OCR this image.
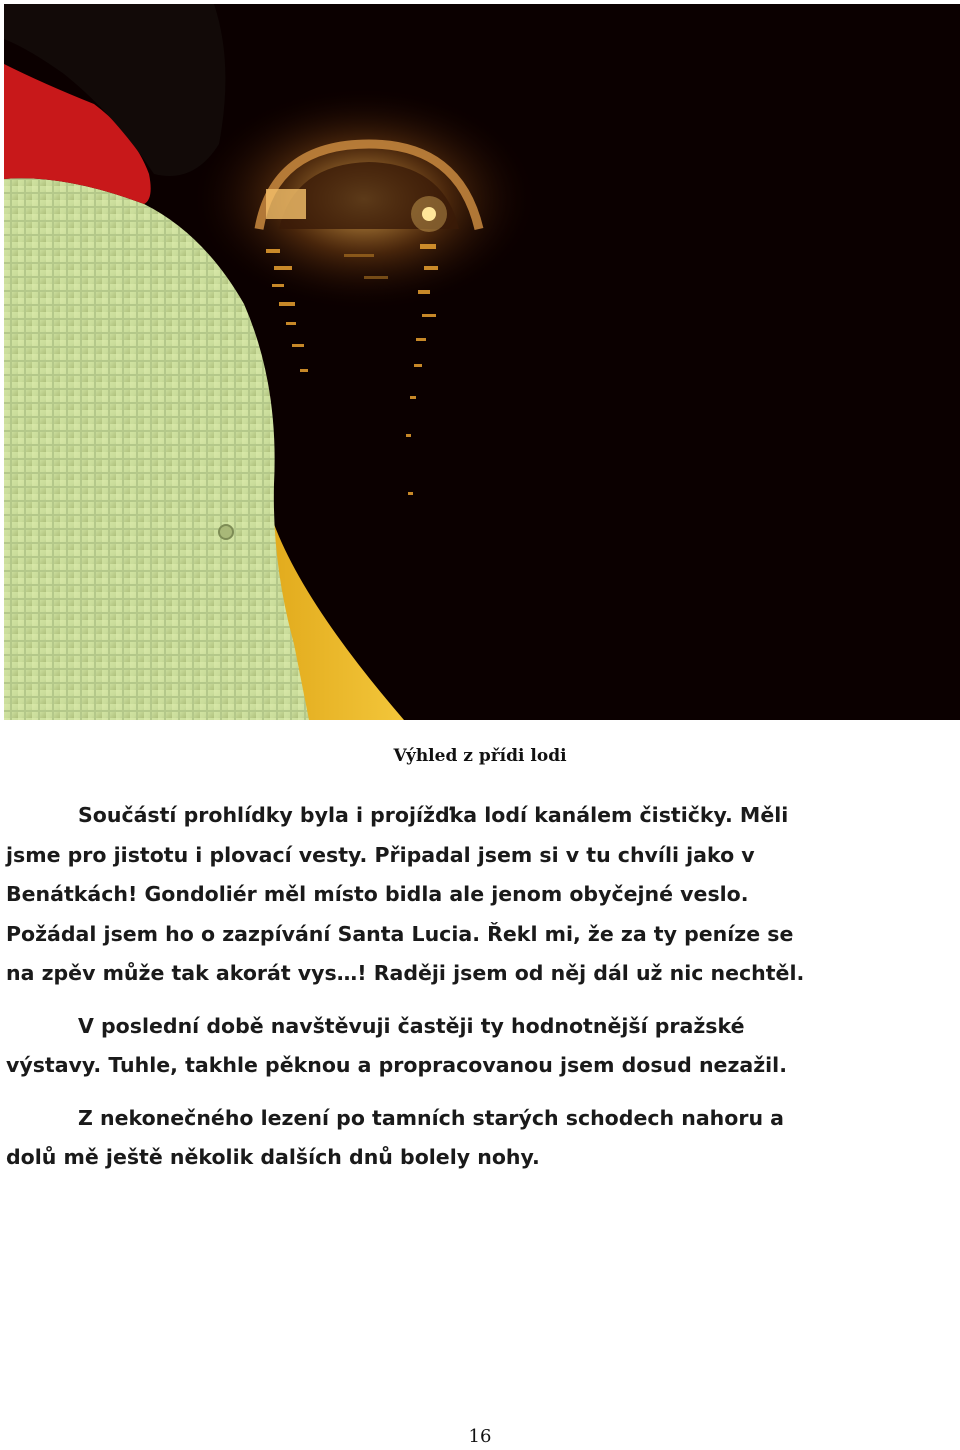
Výhled z přídi lodi
Součástí prohlídky byla i projížďka lodí kanálem čističky. Měli
jsme pro jistotu i plovací vesty. Připadal jsem si v tu chvíli jako v
Benátkách! Gondoliér měl místo bidla ale jenom obyčejné veslo.
Požádal jsem ho o zazpívání Santa Lucia. Řekl mi, že za ty peníze se
na zpěv může tak akorát vys…! Raději jsem od něj dál už nic nechtěl.
V poslední době navštěvuji častěji ty hodnotnější pražské
výstavy. Tuhle, takhle pěknou a propracovanou jsem dosud nezažil.
Z nekonečného lezení po tamních starých schodech nahoru a
dolů mě ještě několik dalších dnů bolely nohy.
16
